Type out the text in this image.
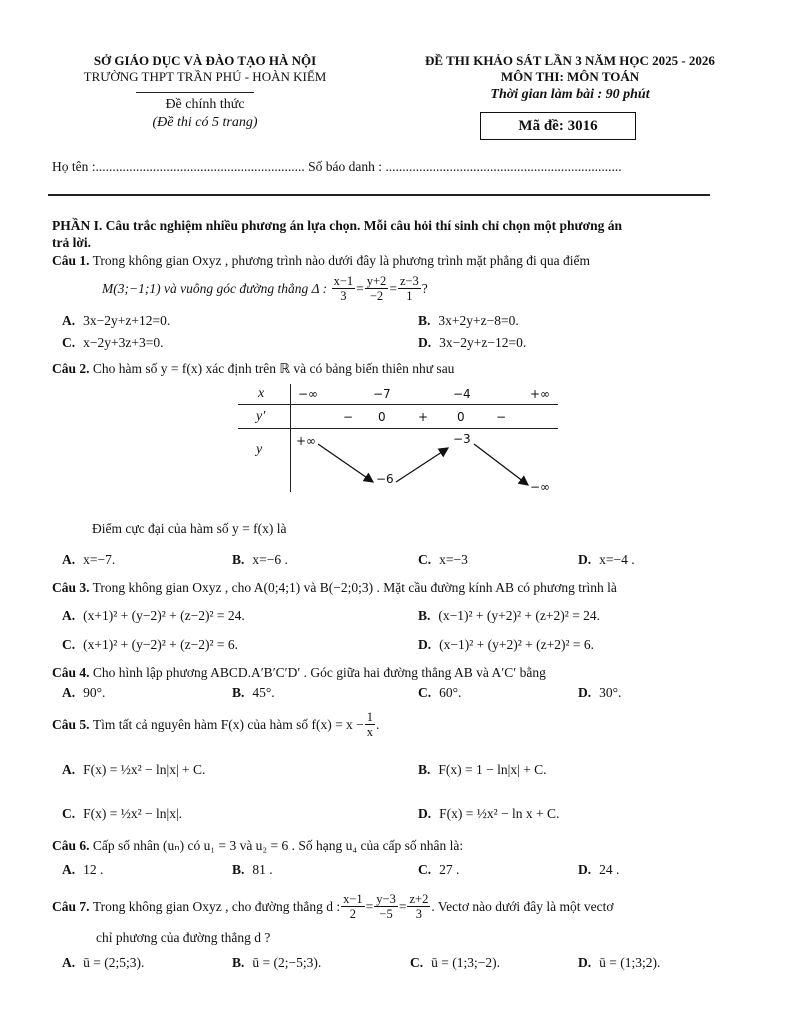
SỞ GIÁO DỤC VÀ ĐÀO TẠO HÀ NỘI
TRƯỜNG THPT TRẦN PHÚ - HOÀN KIẾM
Đề chính thức
(Đề thi có 5 trang)
ĐỀ THI KHẢO SÁT LẦN 3 NĂM HỌC 2025 - 2026
MÔN THI: MÔN TOÁN
Thời gian làm bài : 90 phút
Mã đề: 3016
Họ tên :.............................................................. Số báo danh : ......................................................................
PHẦN I. Câu trắc nghiệm nhiều phương án lựa chọn. Mỗi câu hỏi thí sinh chỉ chọn một phương án
trả lời.
Câu 1. Trong không gian Oxyz , phương trình nào dưới đây là phương trình mặt phẳng đi qua điểm
M(3;−1;1) và vuông góc đường thẳng Δ :
$\frac{x-1}{3} = \frac{y+2}{-2} = \frac{z-3}{1}$ ?
A. 3x−2y+z+12=0.	B. 3x+2y+z−8=0.
C. x−2y+3z+3=0.	D. 3x−2y+z−12=0.
Câu 2. Cho hàm số y = f(x) xác định trên ℝ và có bảng biến thiên như sau
x
y′
y
−∞	−7	−4	+∞
− 0	+ 0	−
+∞
−6
−3
−∞
Điểm cực đại của hàm số y = f(x) là
A. x=−7.	B. x=−6 .	C. x=−3	D. x=−4 .
Câu 3. Trong không gian Oxyz , cho A(0;4;1) và B(−2;0;3) . Mặt cầu đường kính AB có phương trình là
A. (x+1)² + (y−2)² + (z−2)² = 24.	B. (x−1)² + (y+2)² + (z+2)² = 24.
C. (x+1)² + (y−2)² + (z−2)² = 6.	D. (x−1)² + (y+2)² + (z+2)² = 6.
Câu 4. Cho hình lập phương ABCD.A′B′C′D′ . Góc giữa hai đường thẳng AB và A′C′ bằng
A. 90°.	B. 45°.	C. 60°.	D. 30°.
Câu 5.
Tìm tất cả nguyên hàm F(x) của hàm số $f(x) = x - \frac{1}{x}$ .
A. F(x) = ½x² − ln|x| + C.	B. F(x) = 1 − ln|x| + C.
C. F(x) = ½x² − ln|x|.	D. F(x) = ½x² − ln x + C.
Câu 6. Cấp số nhân (uₙ) có u₁ = 3 và u₂ = 6 . Số hạng u₄ của cấp số nhân là:
A. 12 .	B. 81 .	C. 27 .	D. 24 .
Câu 7.
Trong không gian Oxyz , cho đường thẳng d : $\frac{x-1}{2} = \frac{y-3}{-5} = \frac{z+2}{3}$ . Vectơ nào dưới đây là một vectơ
chỉ phương của đường thẳng d ?
A. ū = (2;5;3).	B. ū = (2;−5;3).	C. ū = (1;3;−2).	D. ū = (1;3;2).
